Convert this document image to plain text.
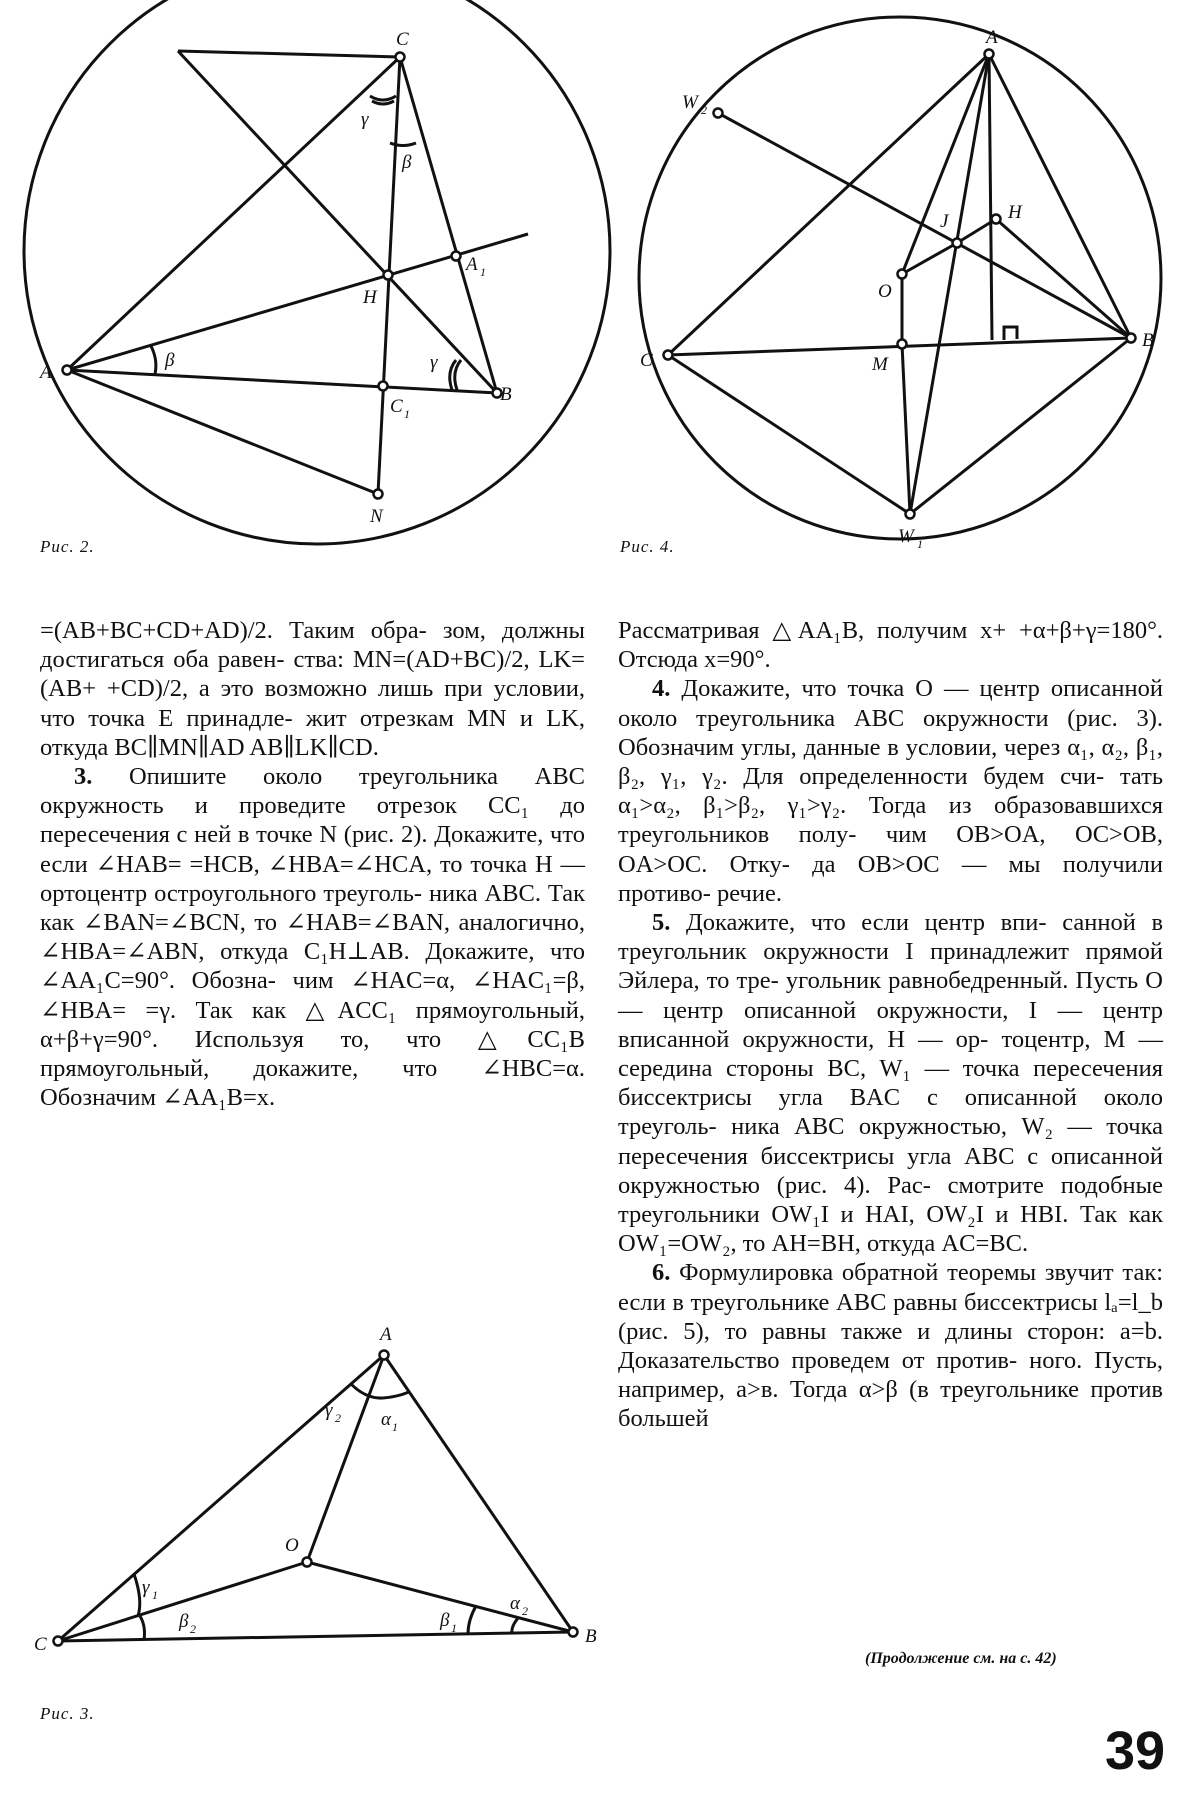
C
A
B
N
H
A 1
C 1
γ
β
β	γ
Рис. 2.
A
W 2
H
J
O
C	M
B
W 1
Рис. 4.

=(AB+BC+CD+AD)/2. Таким обра- зом, должны достигаться оба равен- ства: MN=(AD+BC)/2, LK=(AB+ +CD)/2, а это возможно лишь при условии, что точка E принадле- жит отрезкам MN и LK, откуда BC∥MN∥AD AB∥LK∥CD.

3. Опишите около треугольника ABC окружность и проведите отрезок CC₁ до пересечения с ней в точке N (рис. 2). Докажите, что если ∠HAB= =HCB, ∠HBA=∠HCA, то точка H — ортоцентр остроугольного треуголь- ника ABC. Так как ∠BAN=∠BCN, то ∠HAB=∠BAN, аналогично, ∠HBA=∠ABN, откуда C₁H⊥AB. Докажите, что ∠AA₁C=90°. Обозна- чим ∠HAC=α, ∠HAC₁=β, ∠HBA= =γ. Так как △ACC₁ прямоугольный, α+β+γ=90°. Используя то, что △CC₁B прямоугольный, докажите, что ∠HBC=α. Обозначим ∠AA₁B=x.

A
O
C	B
γ 2 α 1
γ 1
β 2	β 1
α 2
Рис. 3.

Рассматривая △AA₁B, получим x+ +α+β+γ=180°. Отсюда x=90°.

4. Докажите, что точка O — центр описанной около треугольника ABC окружности (рис. 3). Обозначим углы, данные в условии, через α₁, α₂, β₁, β₂, γ₁, γ₂. Для определенности будем счи- тать α₁>α₂, β₁>β₂, γ₁>γ₂. Тогда из образовавшихся треугольников полу- чим OB>OA, OC>OB, OA>OC. Отку- да OB>OC — мы получили противо- речие.

5. Докажите, что если центр впи- санной в треугольник окружности I принадлежит прямой Эйлера, то тре- угольник равнобедренный. Пусть O — центр описанной окружности, I — центр вписанной окружности, H — ор- тоцентр, M — середина стороны BC, W₁ — точка пересечения биссектрисы угла BAC с описанной около треуголь- ника ABC окружностью, W₂ — точка пересечения биссектрисы угла ABC с описанной окружностью (рис. 4). Рас- смотрите подобные треугольники OW₁I и HAI, OW₂I и HBI. Так как OW₁=OW₂, то AH=BH, откуда AC=BC.

6. Формулировка обратной теоремы звучит так: если в треугольнике ABC равны биссектрисы lₐ=l_b (рис. 5), то равны также и длины сторон: a=b. Доказательство проведем от против- ного. Пусть, например, a>в. Тогда α>β (в треугольнике против большей

(Продолжение см. на с. 42)
39
